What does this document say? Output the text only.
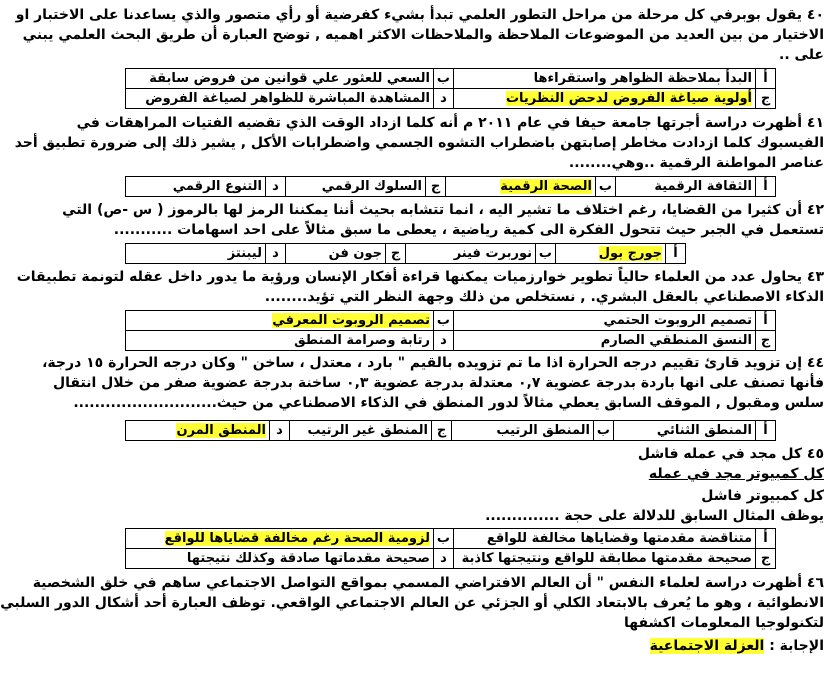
٤٠ يقول بوبرفي كل مرحلة من مراحل التطور العلمي تبدأ بشيء كفرضية أو رأي متصور والذي يساعدنا على الاختبار او
الاختيار من بين العديد من الموضوعات الملاحظة والملاحظات الاكثر اهميه , توضح العبارة أن طريق البحث العلمي يبني
على ..
أ	البدأ بملاحظة الظواهر واستقراءها	ب	السعي للعثور علي قوانين من فروض سابقة
ج	أولوية صياغة الفروض لدحض النظريات	د	المشاهدة المباشرة للظواهر لصياغة الفروض
٤١ أظهرت دراسة أجرتها جامعة حيفا في عام ٢٠١١ م أنه كلما ازداد الوقت الذي تقضيه الفتيات المراهقات في
الفيسبوك كلما ازدادت مخاطر إصابتهن باضطراب التشوه الجسمي واضطرابات الأكل , يشير ذلك إلى ضرورة تطبيق أحد
عناصر المواطنة الرقمية ..وهي........
أ	الثقافة الرقمية	ب	الصحة الرقمية	ج	السلوك الرقمي	د	التنوع الرقمي
٤٢ أن كثيرا من القضايا، رغم اختلاف ما تشير اليه ، انما تتشابه بحيث أننا يمكننا الرمز لها بالرموز ( س -ص) التي
تستعمل في الجبر حيث تتحول الفكرة الى كمية رياضية ، يعطى ما سبق مثالاً على احد اسهامات ...........
أ	جورج بول	ب	نوربرت فينر	ج	جون فن	د	ليبنتز
٤٣ يحاول عدد من العلماء حالياً تطوير خوارزميات يمكنها قراءة أفكار الإنسان ورؤية ما يدور داخل عقله لتونمة تطبيقات
الذكاء الاصطناعي بالعقل البشري. , نستخلص من ذلك وجهة النظر التي تؤيد........
أ	تصميم الروبوت الحتمي	ب	تصميم الروبوت المعرفي
ج	النسق المنطقي الصارم	د	رتابة وصرامة المنطق
٤٤ إن تزويد قارئ تقييم درجه الحرارة اذا ما تم تزويده بالقيم " بارد ، معتدل ، ساخن " وكان درجه الحرارة ١٥ درجة،
فأنها تصنف على انها باردة بدرجة عضوية ٠,٧ معتدلة بدرجة عضوية ٠,٣ ساخنة بدرجة عضوية صفر من خلال انتقال
سلس ومقبول , الموقف السابق يعطي مثالاً لدور المنطق في الذكاء الاصطناعي من حيث...........................
أ	المنطق الثنائي	ب	المنطق الرتيب	ج	المنطق غير الرتيب	د	المنطق المرن
٤٥ كل مجد في عمله فاشل
كل كمبيوتر مجد في عمله
كل كمبيوتر فاشل
يوظف المثال السابق للدلالة على حجة ..............
أ	متناقضة مقدمتها وقضاياها مخالفة للواقع	ب	لزومية الصحة رغم مخالفة قضاياها للواقع
ج	صحيحة مقدمتها مطابقة للواقع ونتيجتها كاذبة	د	صحيحة مقدماتها صادقة وكذلك نتيجتها
٤٦ أظهرت دراسة لعلماء النفس " أن العالم الافتراضي المسمي بمواقع التواصل الاجتماعي ساهم في خلق الشخصية
الانطوائية ، وهو ما يُعرف بالابتعاد الكلي أو الجزئي عن العالم الاجتماعي الواقعي. توظف العبارة أحد أشكال الدور السلبي
لتكنولوجيا المعلومات اكشفها
الإجابة : العزلة الاجتماعية
